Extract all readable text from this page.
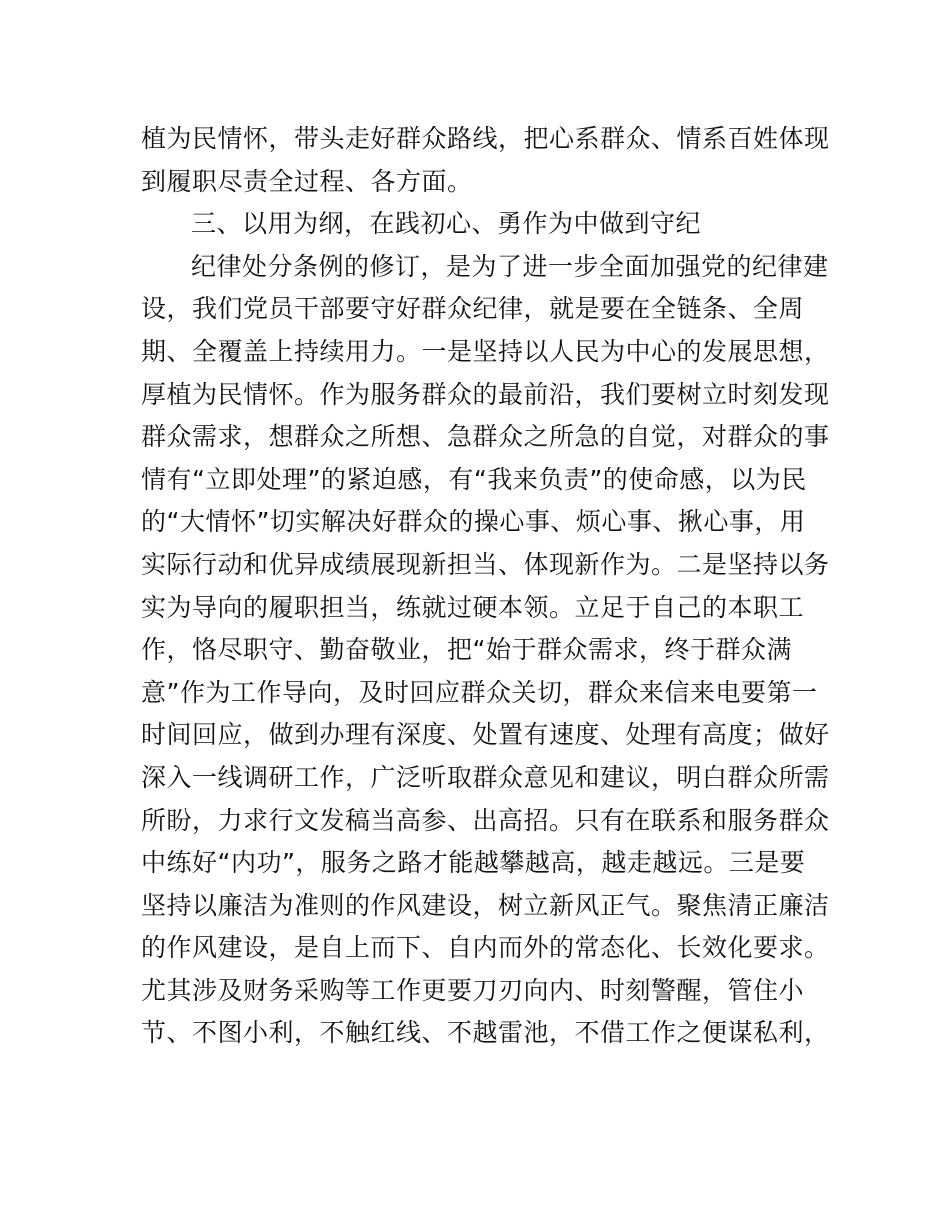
植为民情怀，带头走好群众路线，把心系群众、情系百姓体现
到履职尽责全过程、各方面。
三、以用为纲，在践初心、勇作为中做到守纪
纪律处分条例的修订，是为了进一步全面加强党的纪律建
设，我们党员干部要守好群众纪律，就是要在全链条、全周
期、全覆盖上持续用力。一是坚持以人民为中心的发展思想，
厚植为民情怀。作为服务群众的最前沿，我们要树立时刻发现
群众需求，想群众之所想、急群众之所急的自觉，对群众的事
情有“立即处理”的紧迫感，有“我来负责”的使命感，以为民
的“大情怀”切实解决好群众的操心事、烦心事、揪心事，用
实际行动和优异成绩展现新担当、体现新作为。二是坚持以务
实为导向的履职担当，练就过硬本领。立足于自己的本职工
作，恪尽职守、勤奋敬业，把“始于群众需求，终于群众满
意”作为工作导向，及时回应群众关切，群众来信来电要第一
时间回应，做到办理有深度、处置有速度、处理有高度；做好
深入一线调研工作，广泛听取群众意见和建议，明白群众所需
所盼，力求行文发稿当高参、出高招。只有在联系和服务群众
中练好“内功”，服务之路才能越攀越高，越走越远。三是要
坚持以廉洁为准则的作风建设，树立新风正气。聚焦清正廉洁
的作风建设，是自上而下、自内而外的常态化、长效化要求。
尤其涉及财务采购等工作更要刀刃向内、时刻警醒，管住小
节、不图小利，不触红线、不越雷池，不借工作之便谋私利，
